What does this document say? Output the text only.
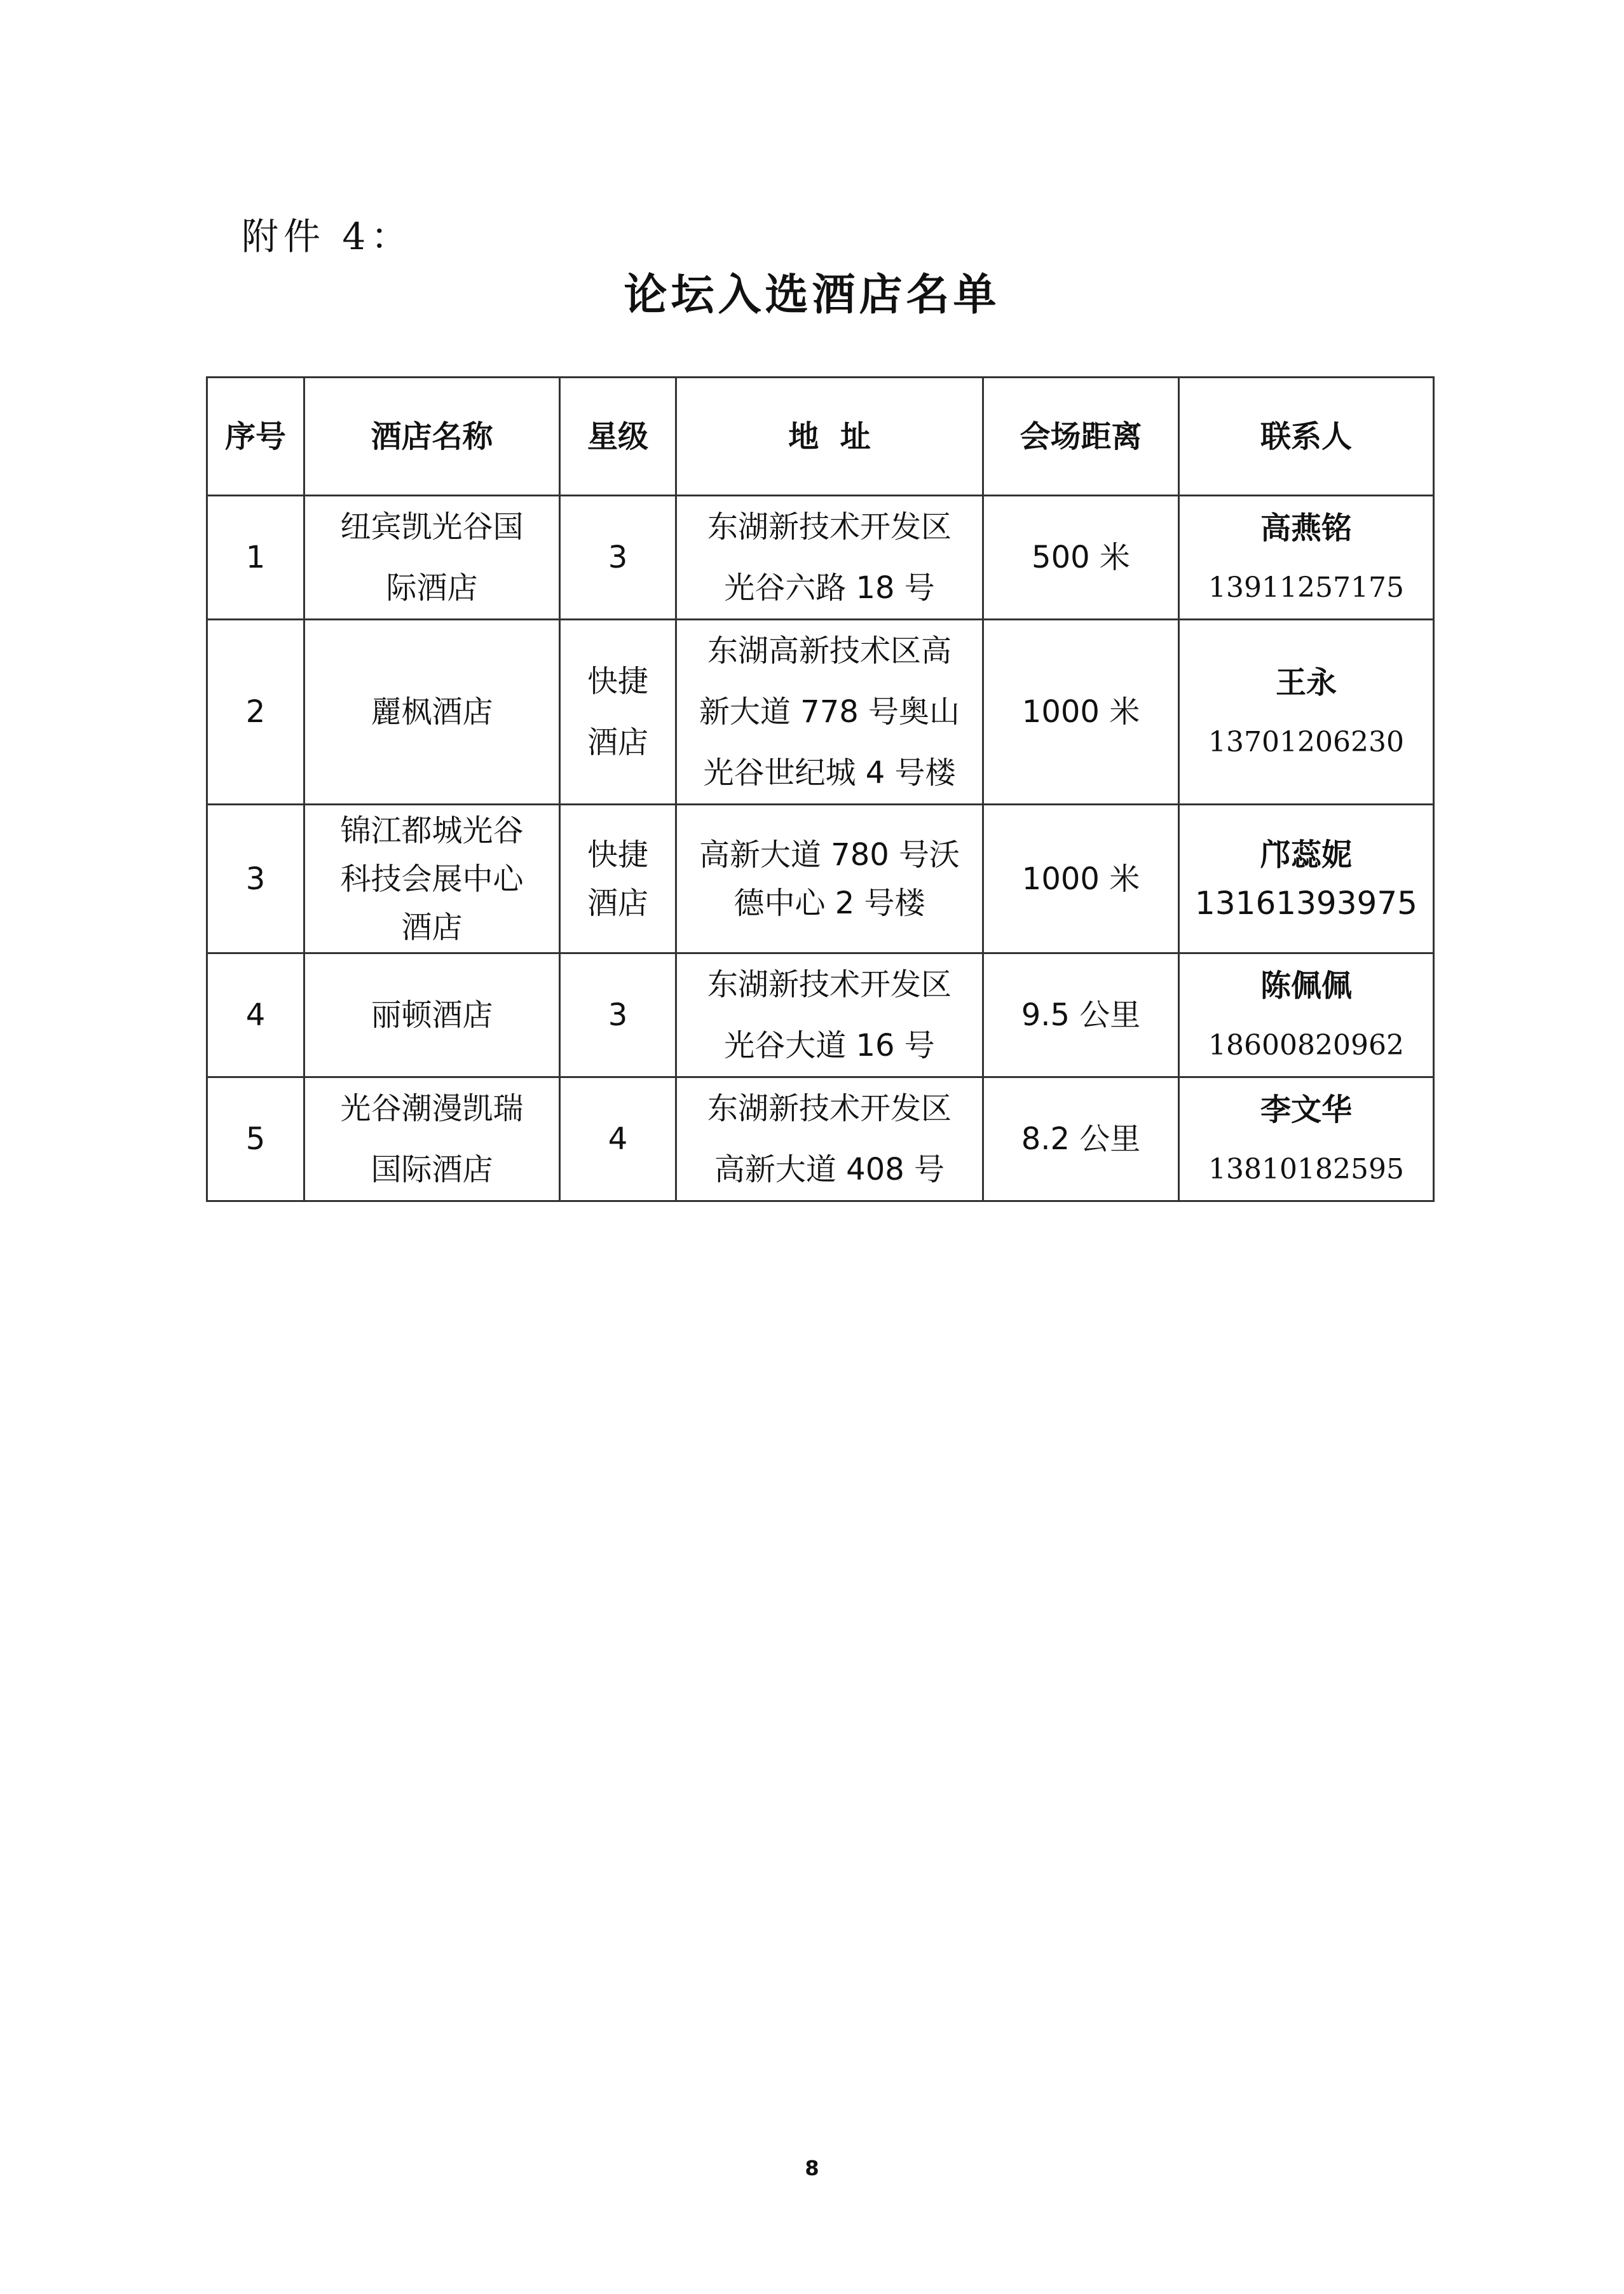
附件 4：
论坛入选酒店名单
序号	酒店名称	星级	地  址	会场距离	联系人
1	纽宾凯光谷国
际酒店	3	东湖新技术开发区
光谷六路 18 号	500 米	高燕铭
13911257175

2	麗枫酒店	快捷
酒店	东湖高新技术区高
新大道 778 号奥山
光谷世纪城 4 号楼	1000 米	王永
13701206230

3	锦江都城光谷
科技会展中心
酒店	快捷
酒店	高新大道 780 号沃
德中心 2 号楼	1000 米	邝蕊妮
13161393975

4	丽顿酒店	3	东湖新技术开发区
光谷大道 16 号	9.5 公里	陈佩佩
18600820962

5	光谷潮漫凯瑞
国际酒店	4	东湖新技术开发区
高新大道 408 号	8.2 公里	李文华
13810182595
8
